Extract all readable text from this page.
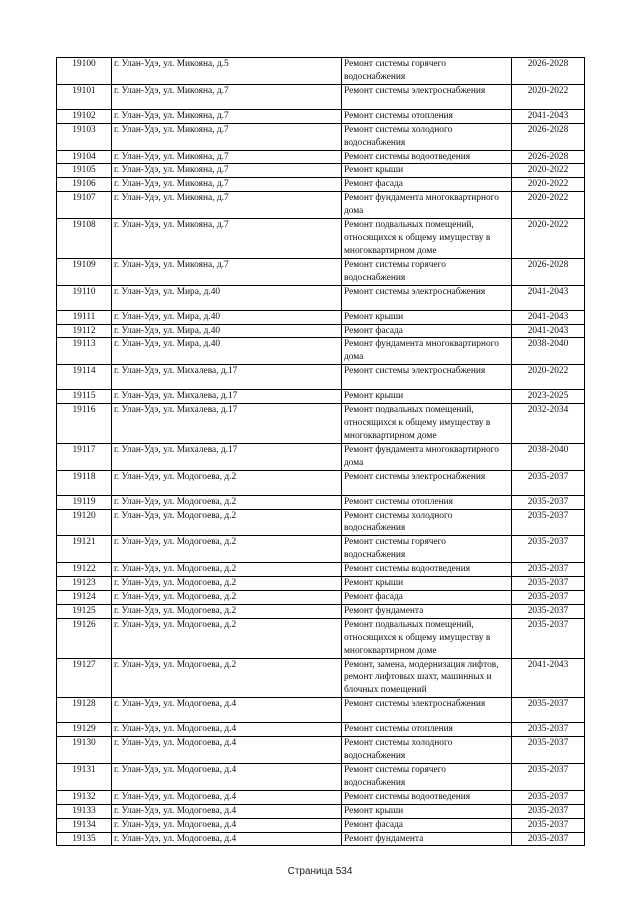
19100	г. Улан-Удэ, ул. Микояна, д.5	Ремонт системы горячего водоснабжения	2026-2028
19101	г. Улан-Удэ, ул. Микояна, д.7	Ремонт системы электроснабжения	2020-2022
19102	г. Улан-Удэ, ул. Микояна, д.7	Ремонт системы отопления	2041-2043
19103	г. Улан-Удэ, ул. Микояна, д.7	Ремонт системы холодного водоснабжения	2026-2028
19104	г. Улан-Удэ, ул. Микояна, д.7	Ремонт системы водоотведения	2026-2028
19105	г. Улан-Удэ, ул. Микояна, д.7	Ремонт крыши	2020-2022
19106	г. Улан-Удэ, ул. Микояна, д.7	Ремонт фасада	2020-2022
19107	г. Улан-Удэ, ул. Микояна, д.7	Ремонт фундамента многоквартирного дома	2020-2022
19108	г. Улан-Удэ, ул. Микояна, д.7	Ремонт подвальных помещений, относящихся к общему имуществу в многоквартирном доме	2020-2022
19109	г. Улан-Удэ, ул. Микояна, д.7	Ремонт системы горячего водоснабжения	2026-2028
19110	г. Улан-Удэ, ул. Мира, д.40	Ремонт системы электроснабжения	2041-2043
19111	г. Улан-Удэ, ул. Мира, д.40	Ремонт крыши	2041-2043
19112	г. Улан-Удэ, ул. Мира, д.40	Ремонт фасада	2041-2043
19113	г. Улан-Удэ, ул. Мира, д.40	Ремонт фундамента многоквартирного дома	2038-2040
19114	г. Улан-Удэ, ул. Михалева, д.17	Ремонт системы электроснабжения	2020-2022
19115	г. Улан-Удэ, ул. Михалева, д.17	Ремонт крыши	2023-2025
19116	г. Улан-Удэ, ул. Михалева, д.17	Ремонт подвальных помещений, относящихся к общему имуществу в многоквартирном доме	2032-2034
19117	г. Улан-Удэ, ул. Михалева, д.17	Ремонт фундамента многоквартирного дома	2038-2040
19118	г. Улан-Удэ, ул. Модогоева, д.2	Ремонт системы электроснабжения	2035-2037
19119	г. Улан-Удэ, ул. Модогоева, д.2	Ремонт системы отопления	2035-2037
19120	г. Улан-Удэ, ул. Модогоева, д.2	Ремонт системы холодного водоснабжения	2035-2037
19121	г. Улан-Удэ, ул. Модогоева, д.2	Ремонт системы горячего водоснабжения	2035-2037
19122	г. Улан-Удэ, ул. Модогоева, д.2	Ремонт системы водоотведения	2035-2037
19123	г. Улан-Удэ, ул. Модогоева, д.2	Ремонт крыши	2035-2037
19124	г. Улан-Удэ, ул. Модогоева, д.2	Ремонт фасада	2035-2037
19125	г. Улан-Удэ, ул. Модогоева, д.2	Ремонт фундамента	2035-2037
19126	г. Улан-Удэ, ул. Модогоева, д.2	Ремонт подвальных помещений, относящихся к общему имуществу в многоквартирном доме	2035-2037
19127	г. Улан-Удэ, ул. Модогоева, д.2	Ремонт, замена, модернизация лифтов, ремонт лифтовых шахт, машинных и блочных помещений	2041-2043
19128	г. Улан-Удэ, ул. Модогоева, д.4	Ремонт системы электроснабжения	2035-2037
19129	г. Улан-Удэ, ул. Модогоева, д.4	Ремонт системы отопления	2035-2037
19130	г. Улан-Удэ, ул. Модогоева, д.4	Ремонт системы холодного водоснабжения	2035-2037
19131	г. Улан-Удэ, ул. Модогоева, д.4	Ремонт системы горячего водоснабжения	2035-2037
19132	г. Улан-Удэ, ул. Модогоева, д.4	Ремонт системы водоотведения	2035-2037
19133	г. Улан-Удэ, ул. Модогоева, д.4	Ремонт крыши	2035-2037
19134	г. Улан-Удэ, ул. Модогоева, д.4	Ремонт фасада	2035-2037
19135	г. Улан-Удэ, ул. Модогоева, д.4	Ремонт фундамента	2035-2037
Страница 534
